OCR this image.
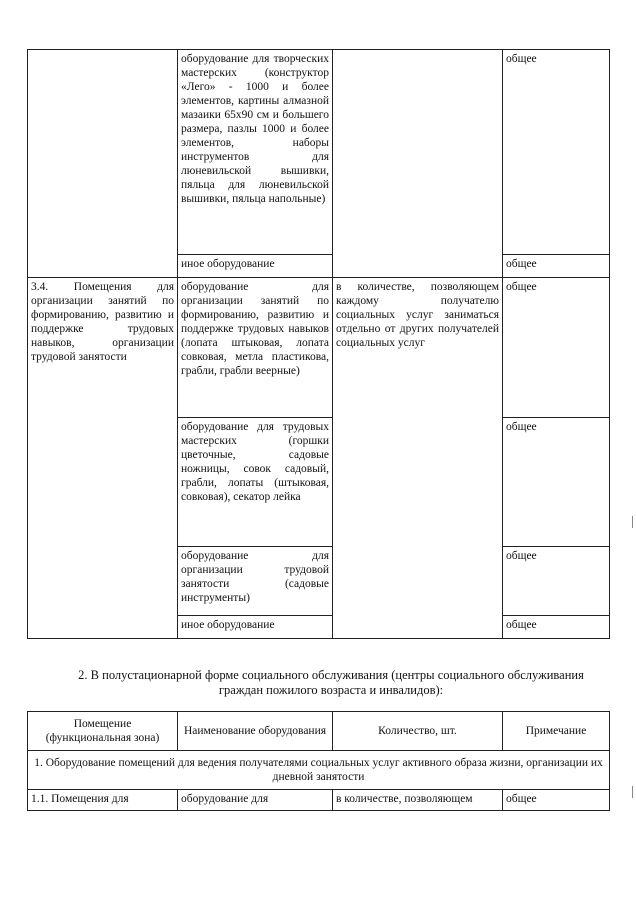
	оборудование для творческих мастерских (конструктор «Лего» - 1000 и более элементов, картины алмазной мазаики 65х90 см и большего размера, пазлы 1000 и более элементов, наборы инструментов для люневильской вышивки, пяльца для люневильской вышивки, пяльца напольные)		общее
	иное оборудование		общее
3.4. Помещения для организации занятий по формированию, развитию и поддержке трудовых навыков, организации трудовой занятости	оборудование для организации занятий по формированию, развитию и поддержке трудовых навыков (лопата штыковая, лопата совковая, метла пластикова, грабли, грабли веерные)	в количестве, позволяющем каждому получателю социальных услуг заниматься отдельно от других получателей социальных услуг	общее
	оборудование для трудовых мастерских (горшки цветочные, садовые ножницы, совок садовый, грабли, лопаты (штыковая, совковая), секатор лейка		общее
	оборудование для организации трудовой занятости (садовые инструменты)		общее
	иное оборудование		общее
2. В полустационарной форме социального обслуживания (центры социального обслуживания
граждан пожилого возраста и инвалидов):
Помещение (функциональная зона)	Наименование оборудования	Количество, шт.	Примечание
1. Оборудование помещений для ведения получателями социальных услуг активного образа жизни, организации их дневной занятости			
1.1. Помещения для	оборудование для	в количестве, позволяющем	общее
